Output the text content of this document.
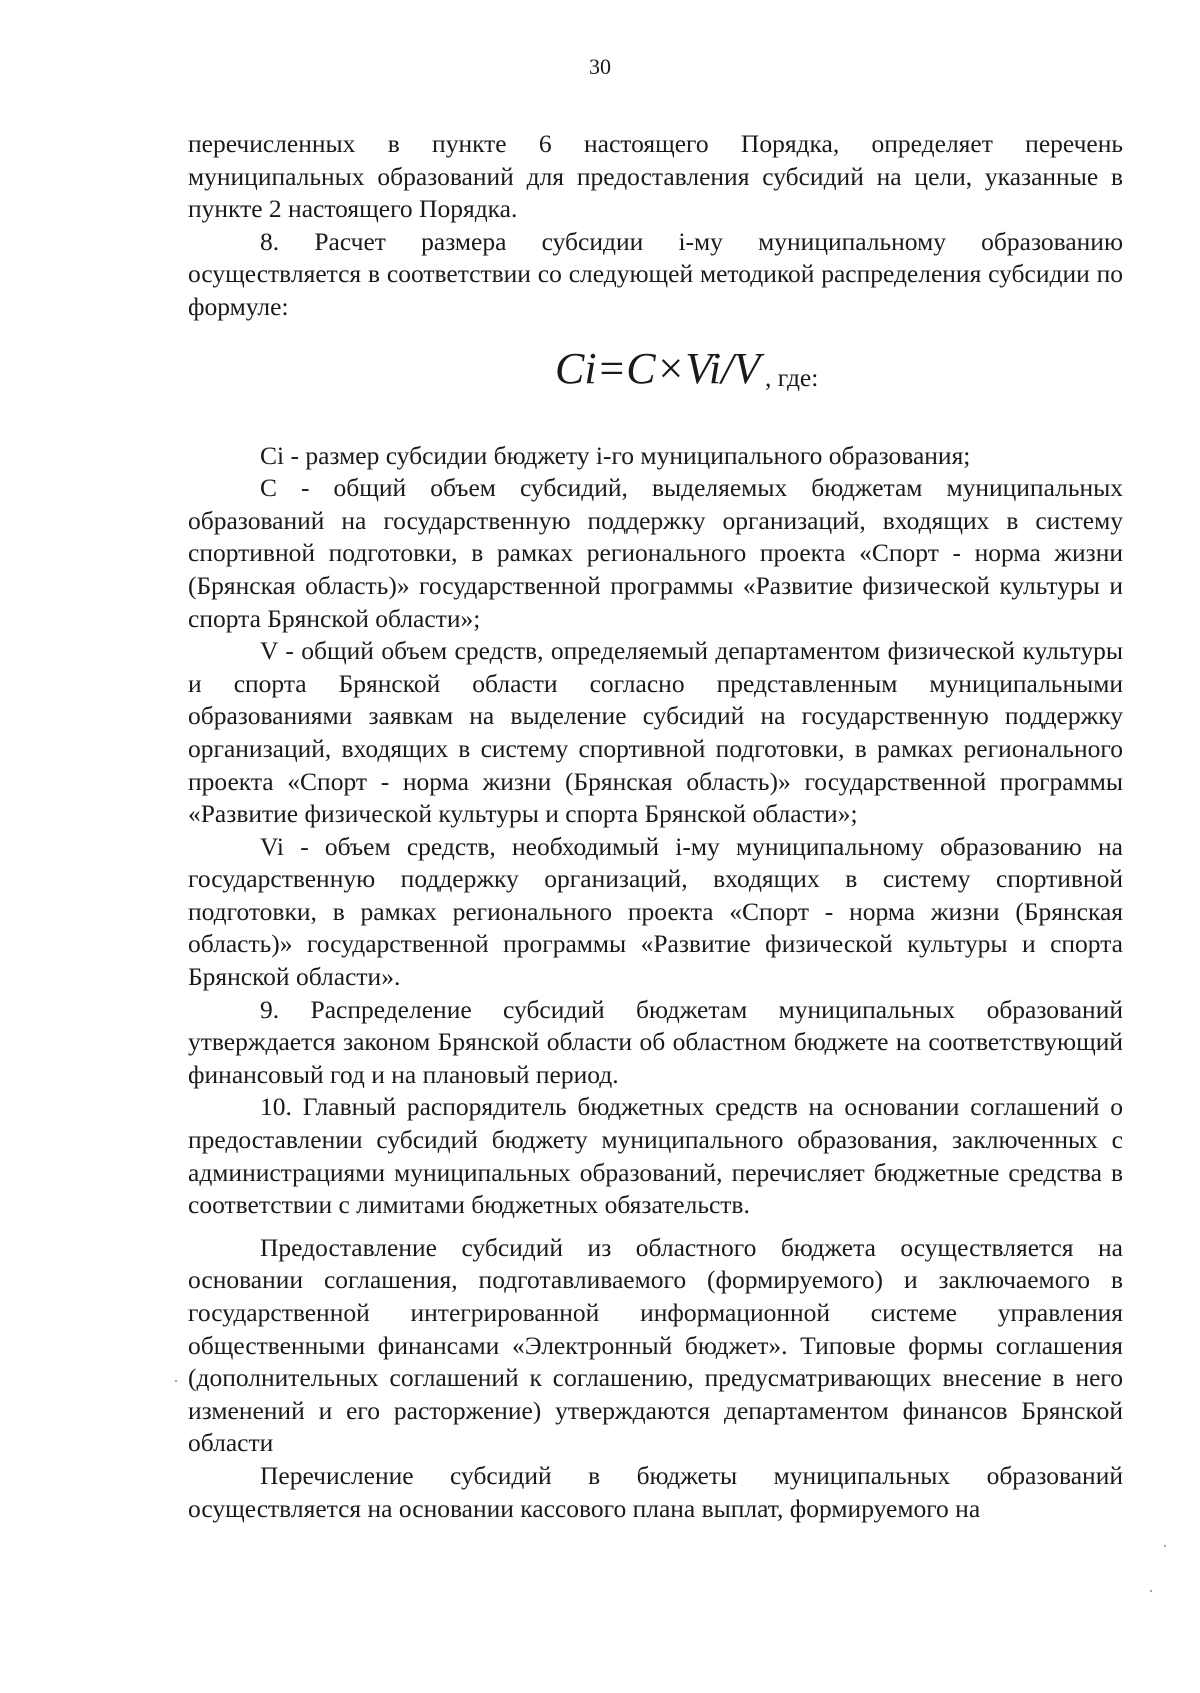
30

перечисленных в пункте 6 настоящего Порядка, определяет перечень муниципальных образований для предоставления субсидий на цели, указанные в пункте 2 настоящего Порядка.

8. Расчет размера субсидии i-му муниципальному образованию осуществляется в соответствии со следующей методикой распределения субсидии по формуле:

Ci=C×Vi/V , где:

Ci - размер субсидии бюджету i-го муниципального образования;

C - общий объем субсидий, выделяемых бюджетам муниципальных образований на государственную поддержку организаций, входящих в систему спортивной подготовки, в рамках регионального проекта «Спорт - норма жизни (Брянская область)» государственной программы «Развитие физической культуры и спорта Брянской области»;

V - общий объем средств, определяемый департаментом физической культуры и спорта Брянской области согласно представленным муниципальными образованиями заявкам на выделение субсидий на государственную поддержку организаций, входящих в систему спортивной подготовки, в рамках регионального проекта «Спорт - норма жизни (Брянская область)» государственной программы «Развитие физической культуры и спорта Брянской области»;

Vi - объем средств, необходимый i-му муниципальному образованию на государственную поддержку организаций, входящих в систему спортивной подготовки, в рамках регионального проекта «Спорт - норма жизни (Брянская область)» государственной программы «Развитие физической культуры и спорта Брянской области».

9. Распределение субсидий бюджетам муниципальных образований утверждается законом Брянской области об областном бюджете на соответствующий финансовый год и на плановый период.

10. Главный распорядитель бюджетных средств на основании соглашений о предоставлении субсидий бюджету муниципального образования, заключенных с администрациями муниципальных образований, перечисляет бюджетные средства в соответствии с лимитами бюджетных обязательств.

Предоставление субсидий из областного бюджета осуществляется на основании соглашения, подготавливаемого (формируемого) и заключаемого в государственной интегрированной информационной системе управления общественными финансами «Электронный бюджет». Типовые формы соглашения (дополнительных соглашений к соглашению, предусматривающих внесение в него изменений и его расторжение) утверждаются департаментом финансов Брянской области

Перечисление субсидий в бюджеты муниципальных образований осуществляется на основании кассового плана выплат, формируемого на
